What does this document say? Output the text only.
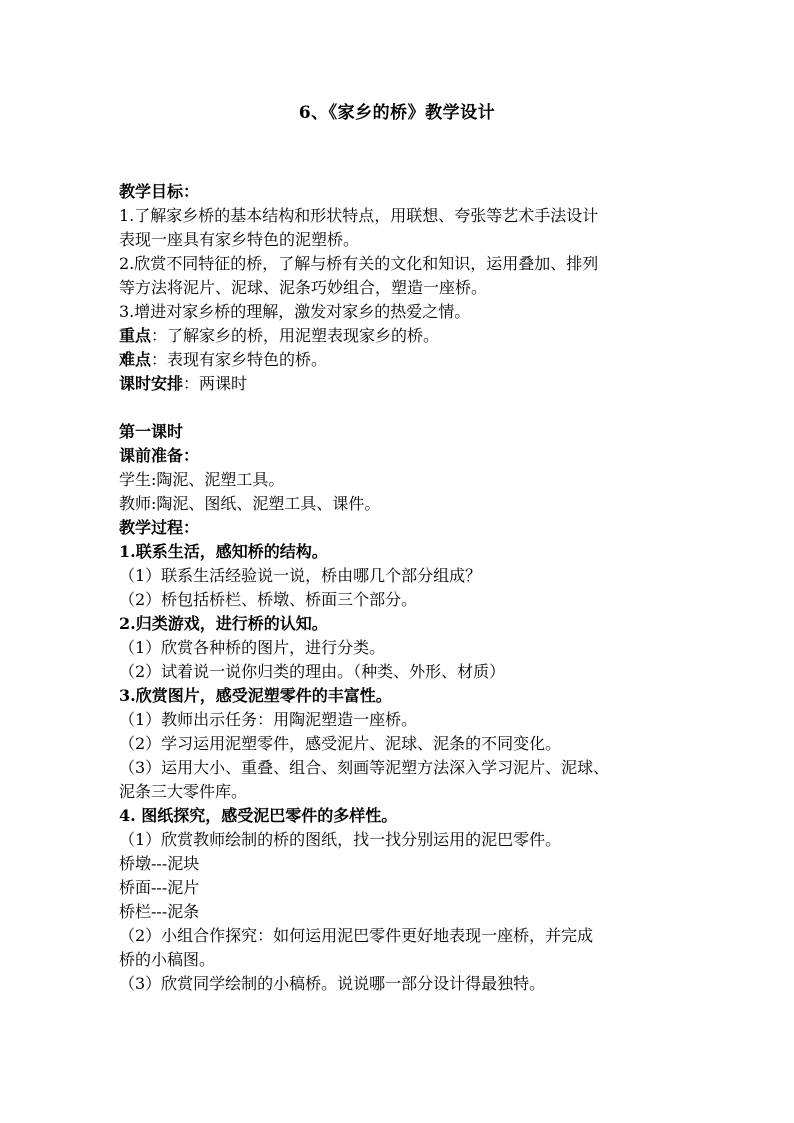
6、《家乡的桥》教学设计
教学目标：
1.了解家乡桥的基本结构和形状特点，用联想、夸张等艺术手法设计
表现一座具有家乡特色的泥塑桥。
2.欣赏不同特征的桥，了解与桥有关的文化和知识，运用叠加、排列
等方法将泥片、泥球、泥条巧妙组合，塑造一座桥。
3.增进对家乡桥的理解，激发对家乡的热爱之情。
重点：了解家乡的桥，用泥塑表现家乡的桥。
难点：表现有家乡特色的桥。
课时安排：两课时
第一课时
课前准备：
学生:陶泥、泥塑工具。
教师:陶泥、图纸、泥塑工具、课件。
教学过程：
1.联系生活，感知桥的结构。
（1）联系生活经验说一说，桥由哪几个部分组成？
（2）桥包括桥栏、桥墩、桥面三个部分。
2.归类游戏，进行桥的认知。
（1）欣赏各种桥的图片，进行分类。
（2）试着说一说你归类的理由。（种类、外形、材质）
3.欣赏图片，感受泥塑零件的丰富性。
（1）教师出示任务：用陶泥塑造一座桥。
（2）学习运用泥塑零件，感受泥片、泥球、泥条的不同变化。
（3）运用大小、重叠、组合、刻画等泥塑方法深入学习泥片、泥球、
泥条三大零件库。
4. 图纸探究，感受泥巴零件的多样性。
（1）欣赏教师绘制的桥的图纸，找一找分别运用的泥巴零件。
桥墩---泥块
桥面---泥片
桥栏---泥条
（2）小组合作探究：如何运用泥巴零件更好地表现一座桥，并完成
桥的小稿图。
（3）欣赏同学绘制的小稿桥。说说哪一部分设计得最独特。
